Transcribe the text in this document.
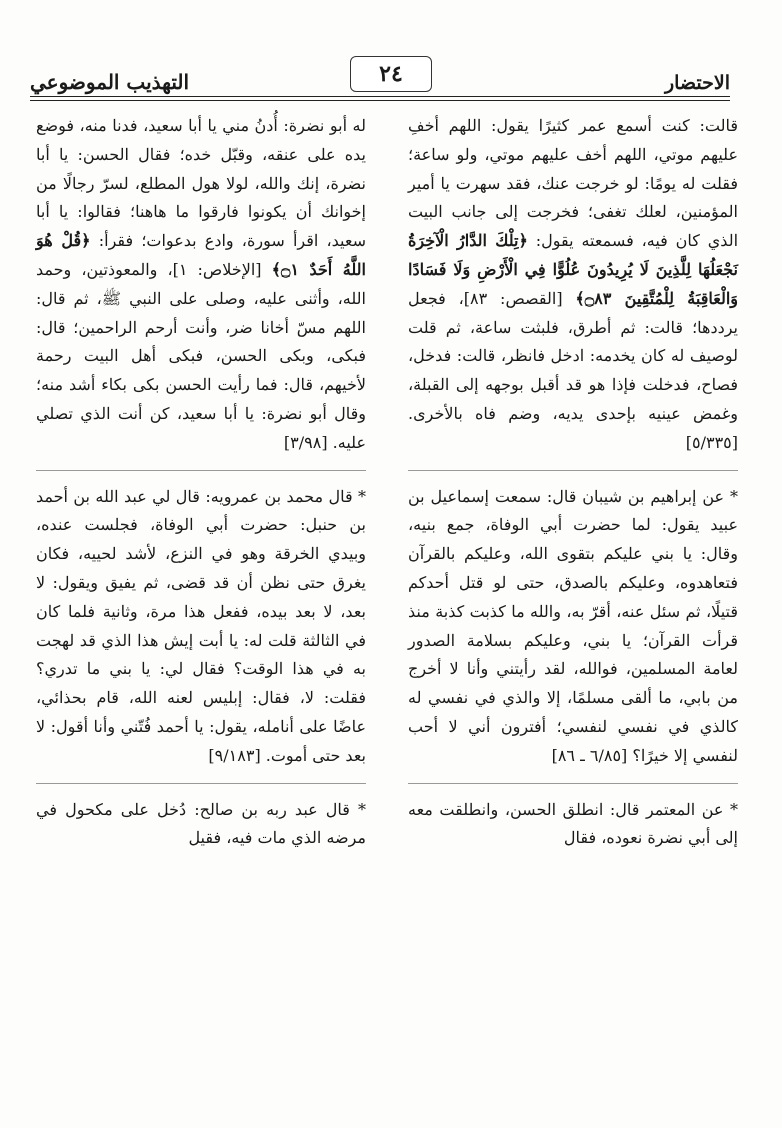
الاحتضار
٢٤
التهذيب الموضوعي

قالت: كنت أسمع عمر كثيرًا يقول: اللهم أخفِ عليهم موتي، اللهم أخف عليهم موتي، ولو ساعة؛ فقلت له يومًا: لو خرجت عنك، فقد سهرت يا أمير المؤمنين، لعلك تغفى؛ فخرجت إلى جانب البيت الذي كان فيه، فسمعته يقول: ﴿تِلْكَ الدَّارُ الْآخِرَةُ نَجْعَلُهَا لِلَّذِينَ لَا يُرِيدُونَ عُلُوًّا فِي الْأَرْضِ وَلَا فَسَادًا وَالْعَاقِبَةُ لِلْمُتَّقِينَ ۝٨٣﴾ [القصص: ٨٣]، فجعل يرددها؛ قالت: ثم أطرق، فلبثت ساعة، ثم قلت لوصيف له كان يخدمه: ادخل فانظر، قالت: فدخل، فصاح، فدخلت فإذا هو قد أقبل بوجهه إلى القبلة، وغمض عينيه بإحدى يديه، وضم فاه بالأخرى. [٥/٣٣٥]

* عن إبراهيم بن شيبان قال: سمعت إسماعيل بن عبيد يقول: لما حضرت أبي الوفاة، جمع بنيه، وقال: يا بني عليكم بتقوى الله، وعليكم بالقرآن فتعاهدوه، وعليكم بالصدق، حتى لو قتل أحدكم قتيلًا، ثم سئل عنه، أقرّ به، والله ما كذبت كذبة منذ قرأت القرآن؛ يا بني، وعليكم بسلامة الصدور لعامة المسلمين، فوالله، لقد رأيتني وأنا لا أخرج من بابي، ما ألقى مسلمًا، إلا والذي في نفسي له كالذي في نفسي لنفسي؛ أفترون أني لا أحب لنفسي إلا خيرًا؟ [٦/٨٥ ـ ٨٦]

* عن المعتمر قال: انطلق الحسن، وانطلقت معه إلى أبي نضرة نعوده، فقال

له أبو نضرة: أُدنُ مني يا أبا سعيد، فدنا منه، فوضع يده على عنقه، وقبّل خده؛ فقال الحسن: يا أبا نضرة، إنك والله، لولا هول المطلع، لسرّ رجالًا من إخوانك أن يكونوا فارقوا ما هاهنا؛ فقالوا: يا أبا سعيد، اقرأ سورة، وادع بدعوات؛ فقرأ: ﴿قُلْ هُوَ اللَّهُ أَحَدٌ ۝١﴾ [الإخلاص: ١]، والمعوذتين، وحمد الله، وأثنى عليه، وصلى على النبي ﷺ، ثم قال: اللهم مسّ أخانا ضر، وأنت أرحم الراحمين؛ قال: فبكى، وبكى الحسن، فبكى أهل البيت رحمة لأخيهم، قال: فما رأيت الحسن بكى بكاء أشد منه؛ وقال أبو نضرة: يا أبا سعيد، كن أنت الذي تصلي عليه. [٣/٩٨]

* قال محمد بن عمرويه: قال لي عبد الله بن أحمد بن حنبل: حضرت أبي الوفاة، فجلست عنده، وبيدي الخرقة وهو في النزع، لأشد لحييه، فكان يغرق حتى نظن أن قد قضى، ثم يفيق ويقول: لا بعد، لا بعد بيده، ففعل هذا مرة، وثانية فلما كان في الثالثة قلت له: يا أبت إيش هذا الذي قد لهجت به في هذا الوقت؟ فقال لي: يا بني ما تدري؟ فقلت: لا، فقال: إبليس لعنه الله، قام بحذائي، عاضًا على أنامله، يقول: يا أحمد فُتّني وأنا أقول: لا بعد حتى أموت. [٩/١٨٣]

* قال عبد ربه بن صالح: دُخل على مكحول في مرضه الذي مات فيه، فقيل
